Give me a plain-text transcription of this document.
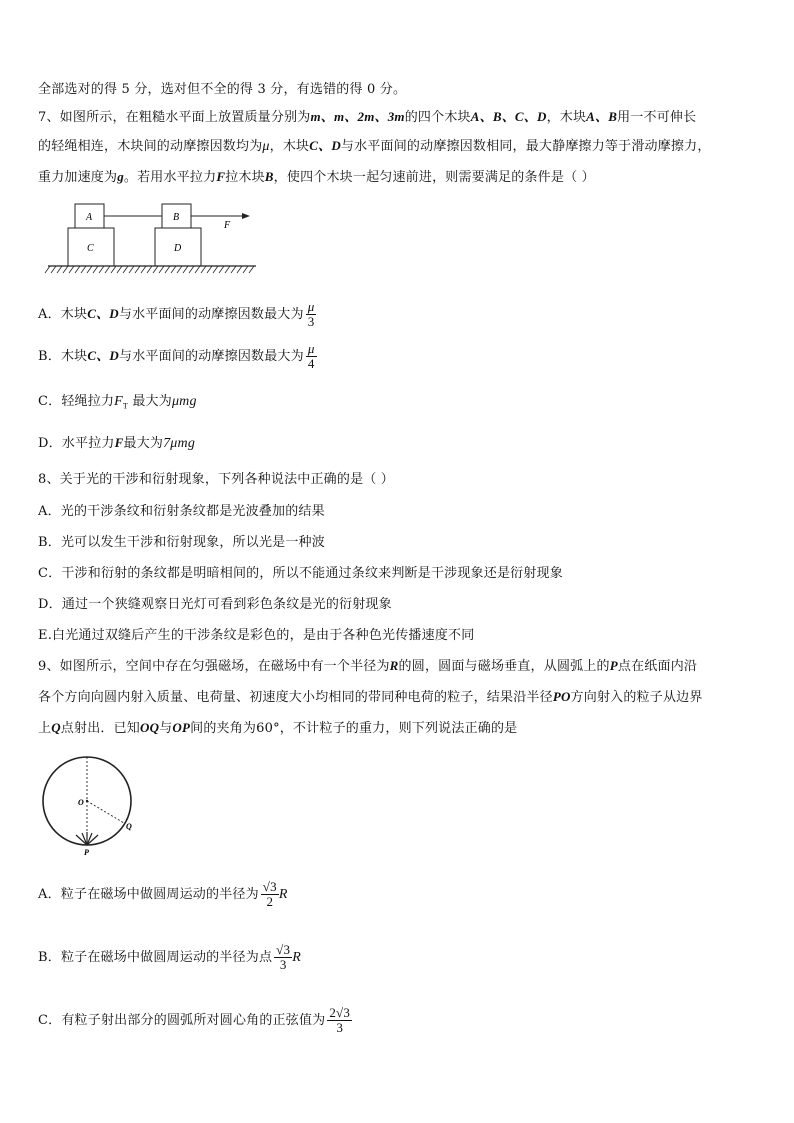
全部选对的得 5 分，选对但不全的得 3 分，有选错的得 0 分。
7、如图所示，在粗糙水平面上放置质量分别为m、m、2m、3m的四个木块A、B、C、D，木块A、B用一不可伸长
的轻绳相连，木块间的动摩擦因数均为μ，木块C、D与水平面间的动摩擦因数相同，最大静摩擦力等于滑动摩擦力，
重力加速度为g。若用水平拉力F拉木块B，使四个木块一起匀速前进，则需要满足的条件是（ ）
A
C
B
D
F
A．木块C、D与水平面间的动摩擦因数最大为 $\frac{\mu}{3}$
B．木块C、D与水平面间的动摩擦因数最大为 $\frac{\mu}{4}$
C．轻绳拉力$F_T$ 最大为μmg
D．水平拉力F最大为7μmg
8、关于光的干涉和衍射现象，下列各种说法中正确的是（ ）
A．光的干涉条纹和衍射条纹都是光波叠加的结果
B．光可以发生干涉和衍射现象，所以光是一种波
C．干涉和衍射的条纹都是明暗相间的，所以不能通过条纹来判断是干涉现象还是衍射现象
D．通过一个狭缝观察日光灯可看到彩色条纹是光的衍射现象
E.白光通过双缝后产生的干涉条纹是彩色的，是由于各种色光传播速度不同
9、如图所示，空间中存在匀强磁场，在磁场中有一个半径为R的圆，圆面与磁场垂直，从圆弧上的P点在纸面内沿
各个方向向圆内射入质量、电荷量、初速度大小均相同的带同种电荷的粒子，结果沿半径PO方向射入的粒子从边界
上Q点射出．已知OQ与OP间的夹角为60°，不计粒子的重力，则下列说法正确的是
O
Q
P
A．粒子在磁场中做圆周运动的半径为 $\frac{√3}{2}$ R
B．粒子在磁场中做圆周运动的半径为点 $\frac{√3}{3}$ R
C．有粒子射出部分的圆弧所对圆心角的正弦值为 $\frac{2√3}{3}$
